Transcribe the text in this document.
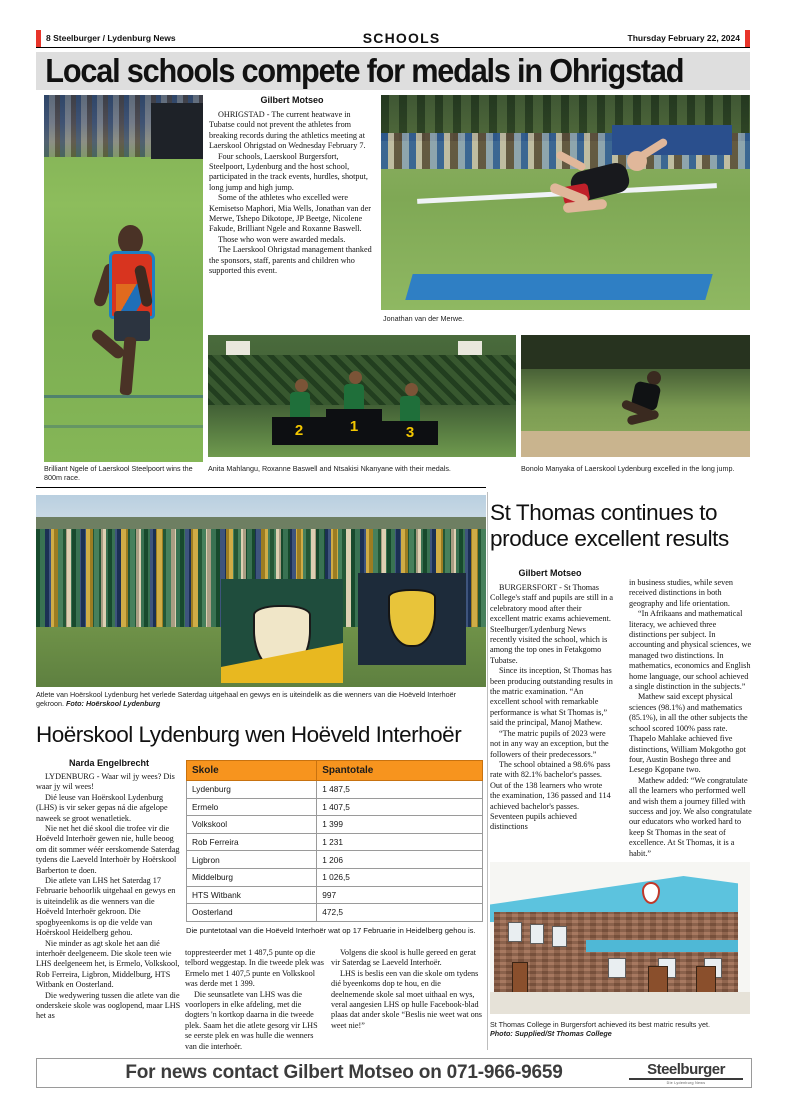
8 Steelburger / Lydenburg News	SCHOOLS	Thursday February 22, 2024
Local schools compete for medals in Ohrigstad
Brilliant Ngele of Laerskool Steelpoort wins the 800m race.
Jonathan van der Merwe.
Gilbert Motseo

OHRIGSTAD - The current heatwave in Tubatse could not prevent the athletes from breaking records during the athletics meeting at Laerskool Ohrigstad on Wednesday February 7.

Four schools, Laerskool Burgersfort, Steelpoort, Lydenburg and the host school, participated in the track events, hurdles, shotput, long jump and high jump.

Some of the athletes who excelled were Kemisetso Maphori, Mia Wells, Jonathan van der Merwe, Tshepo Dikotope, JP Beetge, Nicolene Fakude, Brilliant Ngele and Roxanne Baswell.

Those who won were awarded medals.

The Laerskool Ohrigstad management thanked the sponsors, staff, parents and children who supported this event.

2	1	3
Anita Mahlangu, Roxanne Baswell and Ntsakisi Nkanyane with their medals.	Bonolo Manyaka of Laerskool Lydenburg excelled in the long jump.
Atlete van Hoërskool Lydenburg het verlede Saterdag uitgehaal en gewys en is uiteindelik as die wenners van die Hoëveld Interhoër gekroon. Foto: Hoërskool Lydenburg
Hoërskool Lydenburg wen Hoëveld Interhoër
Narda Engelbrecht

LYDENBURG - Waar wil jy wees? Dis waar jy wil wees!

Dié leuse van Hoërskool Lydenburg (LHS) is vir seker gepas ná die afgelope naweek se groot wenatletiek.

Nie net het dié skool die trofee vir die Hoëveld Interhoër gewen nie, hulle beoog om dit sommer wéér eerskomende Saterdag tydens die Laeveld Interhoër by Hoërskool Barberton te doen.

Die atlete van LHS het Saterdag 17 Februarie behoorlik uitgehaal en gewys en is uiteindelik as die wenners van die Hoëveld Interhoër gekroon. Die spogbyeenkoms is op die velde van Hoërskool Heidelberg gehou.

Nie minder as agt skole het aan dié interhoër deelgeneem. Die skole teen wie LHS deelgeneem het, is Ermelo, Volkskool, Rob Ferreira, Ligbron, Middelburg, HTS Witbank en Oosterland.

Die wedywering tussen die atlete van die onderskeie skole was ooglopend, maar LHS het as

Skole	Spantotale
Lydenburg	1 487,5
Ermelo	1 407,5
Volkskool	1 399
Rob Ferreira	1 231
Ligbron	1 206
Middelburg	1 026,5
HTS Witbank	997
Oosterland	472,5
Die puntetotaal van die Hoëveld Interhoër wat op 17 Februarie in Heidelberg gehou is.

toppresteerder met 1 487,5 punte op die telbord weggestap. In die tweede plek was Ermelo met 1 407,5 punte en Volkskool was derde met 1 399.

Die seunsatlete van LHS was die voorlopers in elke afdeling, met die dogters 'n kortkop daarna in die tweede plek. Saam het die atlete gesorg vir LHS se eerste plek en was hulle die wenners van die interhoër.

Volgens die skool is hulle gereed en gerat vir Saterdag se Laeveld Interhoër.

LHS is beslis een van die skole om tydens dié byeenkoms dop te hou, en die deelnemende skole sal moet uithaal en wys, veral aangesien LHS op hulle Facebook-blad plaas dat ander skole “Beslis nie weet wat ons weet nie!”

St Thomas continues to produce excellent results
Gilbert Motseo

BURGERSFORT - St Thomas College's staff and pupils are still in a celebratory mood after their excellent matric exams achievement. Steelburger/Lydenburg News recently visited the school, which is among the top ones in Fetakgomo Tubatse.

Since its inception, St Thomas has been producing outstanding results in the matric examination. “An excellent school with remarkable performance is what St Thomas is,” said the principal, Manoj Mathew.

“The matric pupils of 2023 were not in any way an exception, but the followers of their predecessors.”

The school obtained a 98.6% pass rate with 82.1% bachelor's passes. Out of the 138 learners who wrote the examination, 136 passed and 114 achieved bachelor's passes. Seventeen pupils achieved distinctions

in business studies, while seven received distinctions in both geography and life orientation.

“In Afrikaans and mathematical literacy, we achieved three distinctions per subject. In accounting and physical sciences, we managed two distinctions. In mathematics, economics and English home language, our school achieved a single distinction in the subjects.”

Mathew said except physical sciences (98.1%) and mathematics (85.1%), in all the other subjects the school scored 100% pass rate. Thapelo Mahlake achieved five distinctions, William Mokgotho got four, Austin Boshego three and Lesego Kgopane two.

Mathew added: “We congratulate all the learners who performed well and wish them a journey filled with success and joy. We also congratulate our educators who worked hard to keep St Thomas in the seat of excellence. At St Thomas, it is a habit.”

St Thomas College in Burgersfort achieved its best matric results yet.
Photo: Supplied/St Thomas College
For news contact Gilbert Motseo on 071-966-9659	Steelburger
Die Lydenburg News
